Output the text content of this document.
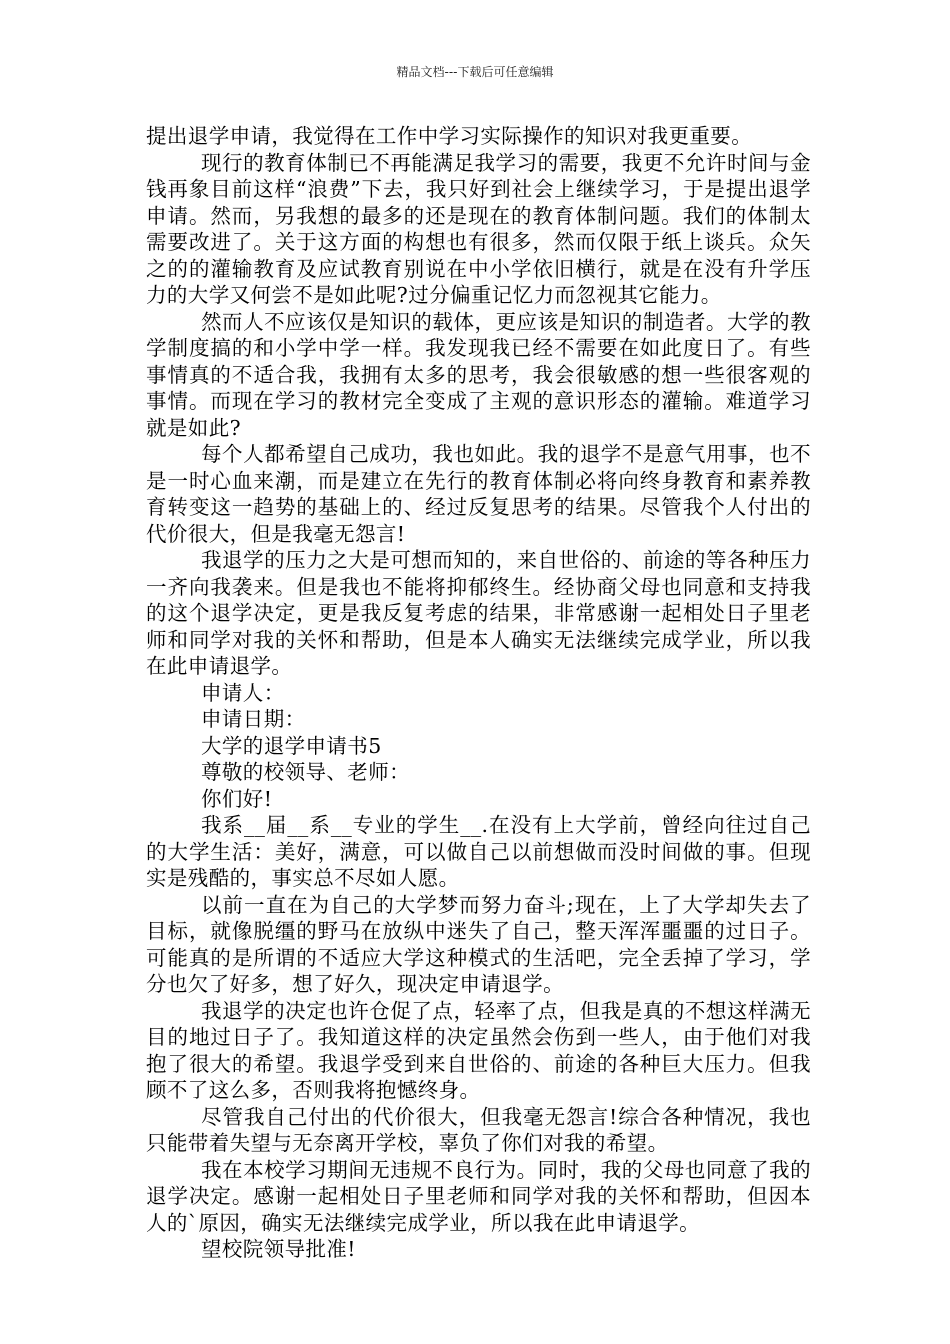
精品文档---下载后可任意编辑

提出退学申请，我觉得在工作中学习实际操作的知识对我更重要。

现行的教育体制已不再能满足我学习的需要，我更不允许时间与金钱再象目前这样“浪费”下去，我只好到社会上继续学习，于是提出退学申请。然而，另我想的最多的还是现在的教育体制问题。我们的体制太需要改进了。关于这方面的构想也有很多，然而仅限于纸上谈兵。众矢之的的灌输教育及应试教育别说在中小学依旧横行，就是在没有升学压力的大学又何尝不是如此呢?过分偏重记忆力而忽视其它能力。

然而人不应该仅是知识的载体，更应该是知识的制造者。大学的教学制度搞的和小学中学一样。我发现我已经不需要在如此度日了。有些事情真的不适合我，我拥有太多的思考，我会很敏感的想一些很客观的事情。而现在学习的教材完全变成了主观的意识形态的灌输。难道学习就是如此?

每个人都希望自己成功，我也如此。我的退学不是意气用事，也不是一时心血来潮，而是建立在先行的教育体制必将向终身教育和素养教育转变这一趋势的基础上的、经过反复思考的结果。尽管我个人付出的代价很大，但是我毫无怨言!

我退学的压力之大是可想而知的，来自世俗的、前途的等各种压力一齐向我袭来。但是我也不能将抑郁终生。经协商父母也同意和支持我的这个退学决定，更是我反复考虑的结果，非常感谢一起相处日子里老师和同学对我的关怀和帮助，但是本人确实无法继续完成学业，所以我在此申请退学。

申请人：

申请日期：

大学的退学申请书5

尊敬的校领导、老师：

你们好!

我系__届__系__专业的学生__.在没有上大学前，曾经向往过自己的大学生活：美好，满意，可以做自己以前想做而没时间做的事。但现实是残酷的，事实总不尽如人愿。

以前一直在为自己的大学梦而努力奋斗;现在，上了大学却失去了目标，就像脱缰的野马在放纵中迷失了自己，整天浑浑噩噩的过日子。可能真的是所谓的不适应大学这种模式的生活吧，完全丢掉了学习，学分也欠了好多，想了好久，现决定申请退学。

我退学的决定也许仓促了点，轻率了点，但我是真的不想这样满无目的地过日子了。我知道这样的决定虽然会伤到一些人，由于他们对我抱了很大的希望。我退学受到来自世俗的、前途的各种巨大压力。但我顾不了这么多，否则我将抱憾终身。

尽管我自己付出的代价很大，但我毫无怨言!综合各种情况，我也只能带着失望与无奈离开学校，辜负了你们对我的希望。

我在本校学习期间无违规不良行为。同时，我的父母也同意了我的退学决定。感谢一起相处日子里老师和同学对我的关怀和帮助，但因本人的`原因，确实无法继续完成学业，所以我在此申请退学。

望校院领导批准!
